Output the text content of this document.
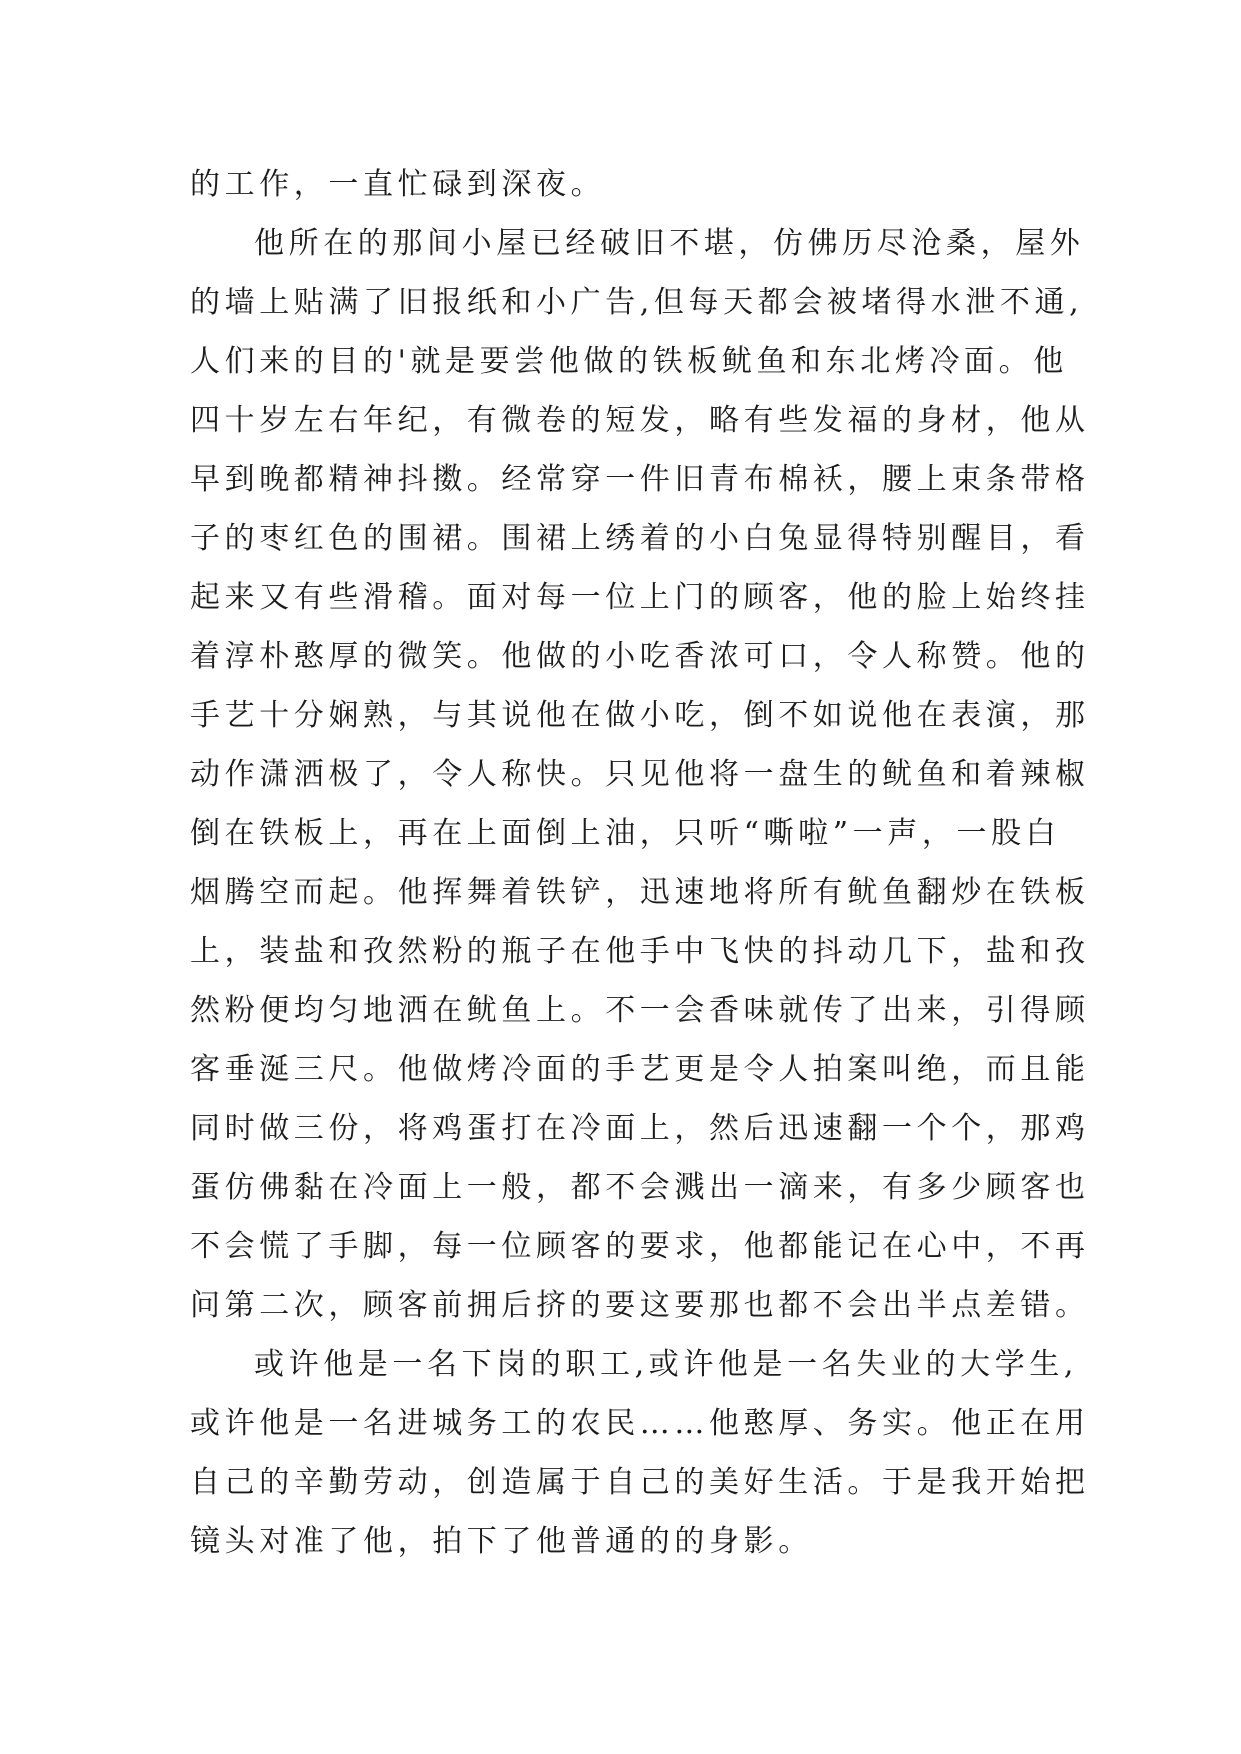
的工作，一直忙碌到深夜。
他所在的那间小屋已经破旧不堪，仿佛历尽沧桑，屋外
的墙上贴满了旧报纸和小广告,但每天都会被堵得水泄不通,
人们来的目的'就是要尝他做的铁板鱿鱼和东北烤冷面。他
四十岁左右年纪，有微卷的短发，略有些发福的身材，他从
早到晚都精神抖擞。经常穿一件旧青布棉袄，腰上束条带格
子的枣红色的围裙。围裙上绣着的小白兔显得特别醒目，看
起来又有些滑稽。面对每一位上门的顾客，他的脸上始终挂
着淳朴憨厚的微笑。他做的小吃香浓可口，令人称赞。他的
手艺十分娴熟，与其说他在做小吃，倒不如说他在表演，那
动作潇洒极了，令人称快。只见他将一盘生的鱿鱼和着辣椒
倒在铁板上，再在上面倒上油，只听“嘶啦”一声，一股白
烟腾空而起。他挥舞着铁铲，迅速地将所有鱿鱼翻炒在铁板
上，装盐和孜然粉的瓶子在他手中飞快的抖动几下，盐和孜
然粉便均匀地洒在鱿鱼上。不一会香味就传了出来，引得顾
客垂涎三尺。他做烤冷面的手艺更是令人拍案叫绝，而且能
同时做三份，将鸡蛋打在冷面上，然后迅速翻一个个，那鸡
蛋仿佛黏在冷面上一般，都不会溅出一滴来，有多少顾客也
不会慌了手脚，每一位顾客的要求，他都能记在心中，不再
问第二次，顾客前拥后挤的要这要那也都不会出半点差错。
或许他是一名下岗的职工,或许他是一名失业的大学生,
或许他是一名进城务工的农民……他憨厚、务实。他正在用
自己的辛勤劳动，创造属于自己的美好生活。于是我开始把
镜头对准了他，拍下了他普通的的身影。
